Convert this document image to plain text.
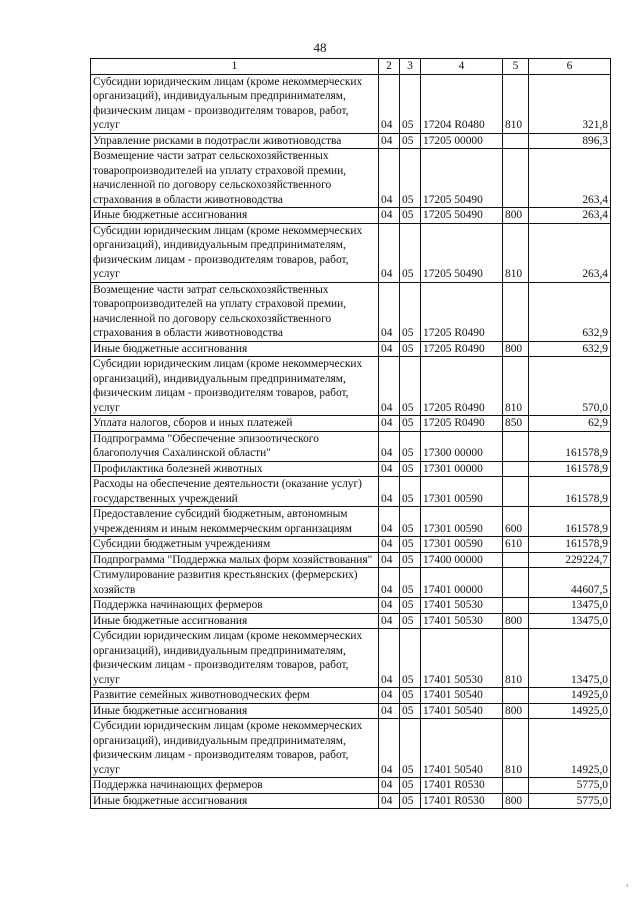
48
1	2	3	4	5	6
Субсидии юридическим лицам (кроме некоммерческих организаций), индивидуальным предпринимателям, физическим лицам - производителям товаров, работ, услуг	04	05	17204 R0480	810	321,8
Управление рисками в подотрасли животноводства	04	05	17205 00000		896,3
Возмещение части затрат сельскохозяйственных товаропроизводителей на уплату страховой премии, начисленной по договору сельскохозяйственного страхования в области животноводства	04	05	17205 50490		263,4
Иные бюджетные ассигнования	04	05	17205 50490	800	263,4
Субсидии юридическим лицам (кроме некоммерческих организаций), индивидуальным предпринимателям, физическим лицам - производителям товаров, работ, услуг	04	05	17205 50490	810	263,4
Возмещение части затрат сельскохозяйственных товаропроизводителей на уплату страховой премии, начисленной по договору сельскохозяйственного страхования в области животноводства	04	05	17205 R0490		632,9
Иные бюджетные ассигнования	04	05	17205 R0490	800	632,9
Субсидии юридическим лицам (кроме некоммерческих организаций), индивидуальным предпринимателям, физическим лицам - производителям товаров, работ, услуг	04	05	17205 R0490	810	570,0
Уплата налогов, сборов и иных платежей	04	05	17205 R0490	850	62,9
Подпрограмма "Обеспечение эпизоотического благополучия Сахалинской области"	04	05	17300 00000		161578,9
Профилактика болезней животных	04	05	17301 00000		161578,9
Расходы на обеспечение деятельности (оказание услуг) государственных учреждений	04	05	17301 00590		161578,9
Предоставление субсидий бюджетным, автономным учреждениям и иным некоммерческим организациям	04	05	17301 00590	600	161578,9
Субсидии бюджетным учреждениям	04	05	17301 00590	610	161578,9
Подпрограмма "Поддержка малых форм хозяйствования"	04	05	17400 00000		229224,7
Стимулирование развития крестьянских (фермерских) хозяйств	04	05	17401 00000		44607,5
Поддержка начинающих фермеров	04	05	17401 50530		13475,0
Иные бюджетные ассигнования	04	05	17401 50530	800	13475,0
Субсидии юридическим лицам (кроме некоммерческих организаций), индивидуальным предпринимателям, физическим лицам - производителям товаров, работ, услуг	04	05	17401 50530	810	13475,0
Развитие семейных животноводческих ферм	04	05	17401 50540		14925,0
Иные бюджетные ассигнования	04	05	17401 50540	800	14925,0
Субсидии юридическим лицам (кроме некоммерческих организаций), индивидуальным предпринимателям, физическим лицам - производителям товаров, работ, услуг	04	05	17401 50540	810	14925,0
Поддержка начинающих фермеров	04	05	17401 R0530		5775,0
Иные бюджетные ассигнования	04	05	17401 R0530	800	5775,0
'
